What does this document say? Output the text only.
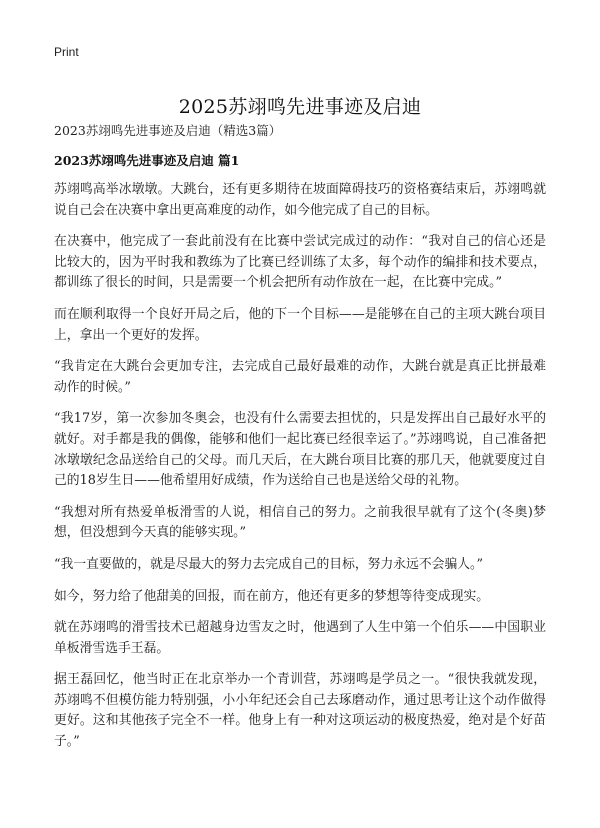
Print
2025苏翊鸣先进事迹及启迪
2023苏翊鸣先进事迹及启迪（精选3篇）
2023苏翊鸣先进事迹及启迪 篇1

苏翊鸣高举冰墩墩。大跳台，还有更多期待在坡面障碍技巧的资格赛结束后，苏翊鸣就说自己会在决赛中拿出更高难度的动作，如今他完成了自己的目标。

在决赛中，他完成了一套此前没有在比赛中尝试完成过的动作：“我对自己的信心还是比较大的，因为平时我和教练为了比赛已经训练了太多，每个动作的编排和技术要点，都训练了很长的时间，只是需要一个机会把所有动作放在一起，在比赛中完成。”

而在顺利取得一个良好开局之后，他的下一个目标——是能够在自己的主项大跳台项目上，拿出一个更好的发挥。

“我肯定在大跳台会更加专注，去完成自己最好最难的动作，大跳台就是真正比拼最难动作的时候。”

“我17岁，第一次参加冬奥会，也没有什么需要去担忧的，只是发挥出自己最好水平的就好。对手都是我的偶像，能够和他们一起比赛已经很幸运了。”苏翊鸣说，自己准备把冰墩墩纪念品送给自己的父母。而几天后，在大跳台项目比赛的那几天，他就要度过自己的18岁生日——他希望用好成绩，作为送给自己也是送给父母的礼物。

“我想对所有热爱单板滑雪的人说，相信自己的努力。之前我很早就有了这个(冬奥)梦想，但没想到今天真的能够实现。”

“我一直要做的，就是尽最大的努力去完成自己的目标，努力永远不会骗人。”

如今，努力给了他甜美的回报，而在前方，他还有更多的梦想等待变成现实。

就在苏翊鸣的滑雪技术已超越身边雪友之时，他遇到了人生中第一个伯乐——中国职业单板滑雪选手王磊。

据王磊回忆，他当时正在北京举办一个青训营，苏翊鸣是学员之一。“很快我就发现，苏翊鸣不但模仿能力特别强，小小年纪还会自己去琢磨动作，通过思考让这个动作做得更好。这和其他孩子完全不一样。他身上有一种对这项运动的极度热爱，绝对是个好苗子。”
